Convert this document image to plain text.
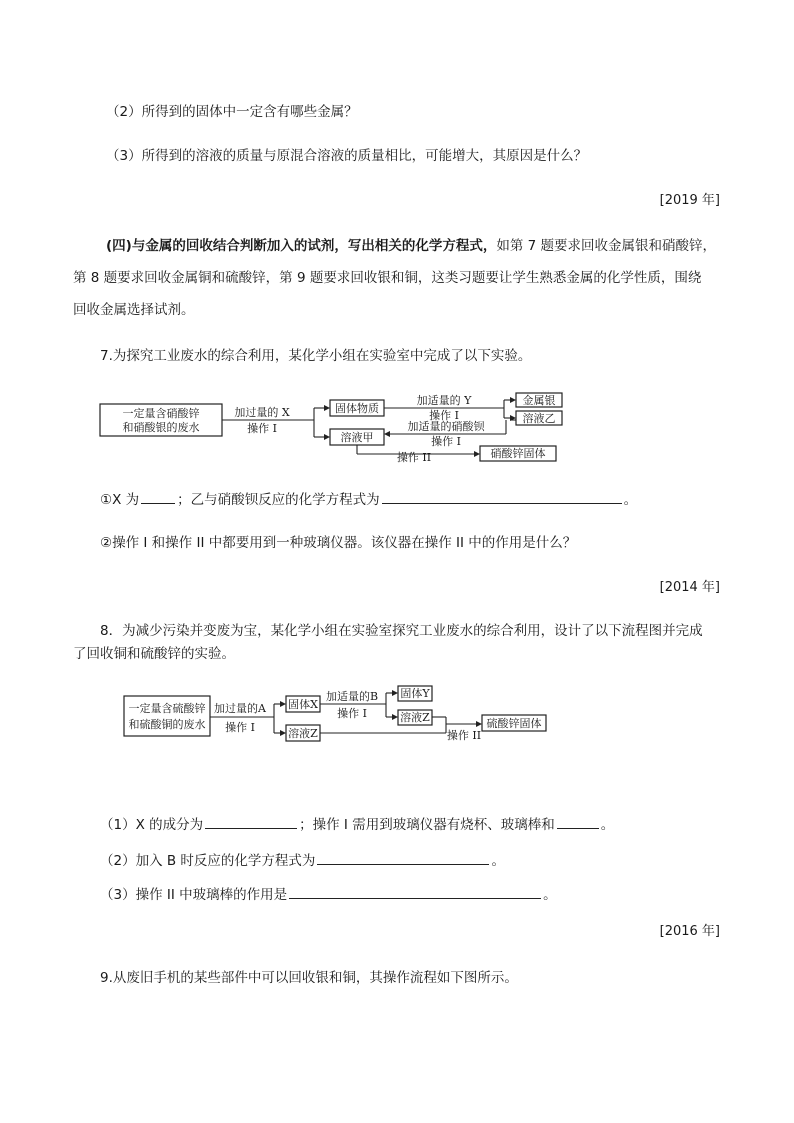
（2）所得到的固体中一定含有哪些金属？
（3）所得到的溶液的质量与原混合溶液的质量相比，可能增大，其原因是什么？
[2019 年]
(四)与金属的回收结合判断加入的试剂，写出相关的化学方程式，如第 7 题要求回收金属银和硝酸锌，
第 8 题要求回收金属铜和硫酸锌，第 9 题要求回收银和铜，这类习题要让学生熟悉金属的化学性质，围绕
回收金属选择试剂。
7.为探究工业废水的综合利用，某化学小组在实验室中完成了以下实验。
一定量含硝酸锌
和硝酸银的废水
加过量的 X
操作 I
固体物质
溶液甲
加适量的 Y
操作 I
金属银
溶液乙
加适量的硝酸钡
操作 I
操作 II	硝酸锌固体
①X 为	；乙与硝酸钡反应的化学方程式为	。
②操作 I 和操作 II 中都要用到一种玻璃仪器。该仪器在操作 II 中的作用是什么？
[2014 年]
8．为减少污染并变废为宝，某化学小组在实验室探究工业废水的综合利用，设计了以下流程图并完成
了回收铜和硫酸锌的实验。
一定量含硫酸锌
和硫酸铜的废水
加过量的A
操作 I
固体X
溶液Z
加适量的B
操作 I
固体Y
溶液Z
操作 II
硫酸锌固体
（1）X 的成分为	；操作 I 需用到玻璃仪器有烧杯、玻璃棒和	。
（2）加入 B 时反应的化学方程式为	。
（3）操作 II 中玻璃棒的作用是	。
[2016 年]
9.从废旧手机的某些部件中可以回收银和铜，其操作流程如下图所示。
